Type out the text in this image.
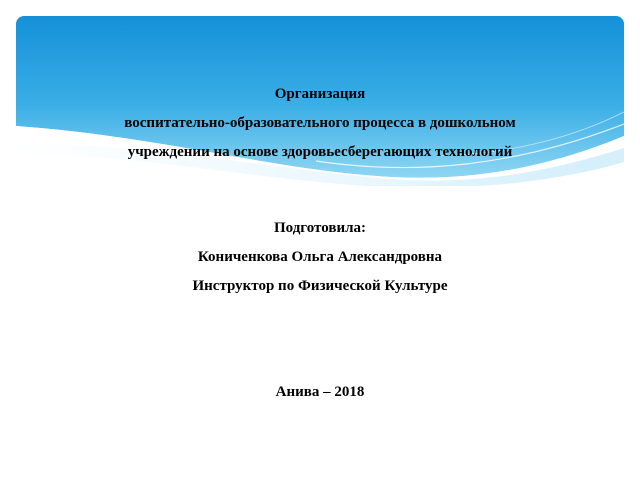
Организация
воспитательно-образовательного процесса в дошкольном
учреждении на основе здоровьесберегающих технологий
Подготовила:
Кониченкова Ольга Александровна
Инструктор по Физической Культуре
Анива – 2018
